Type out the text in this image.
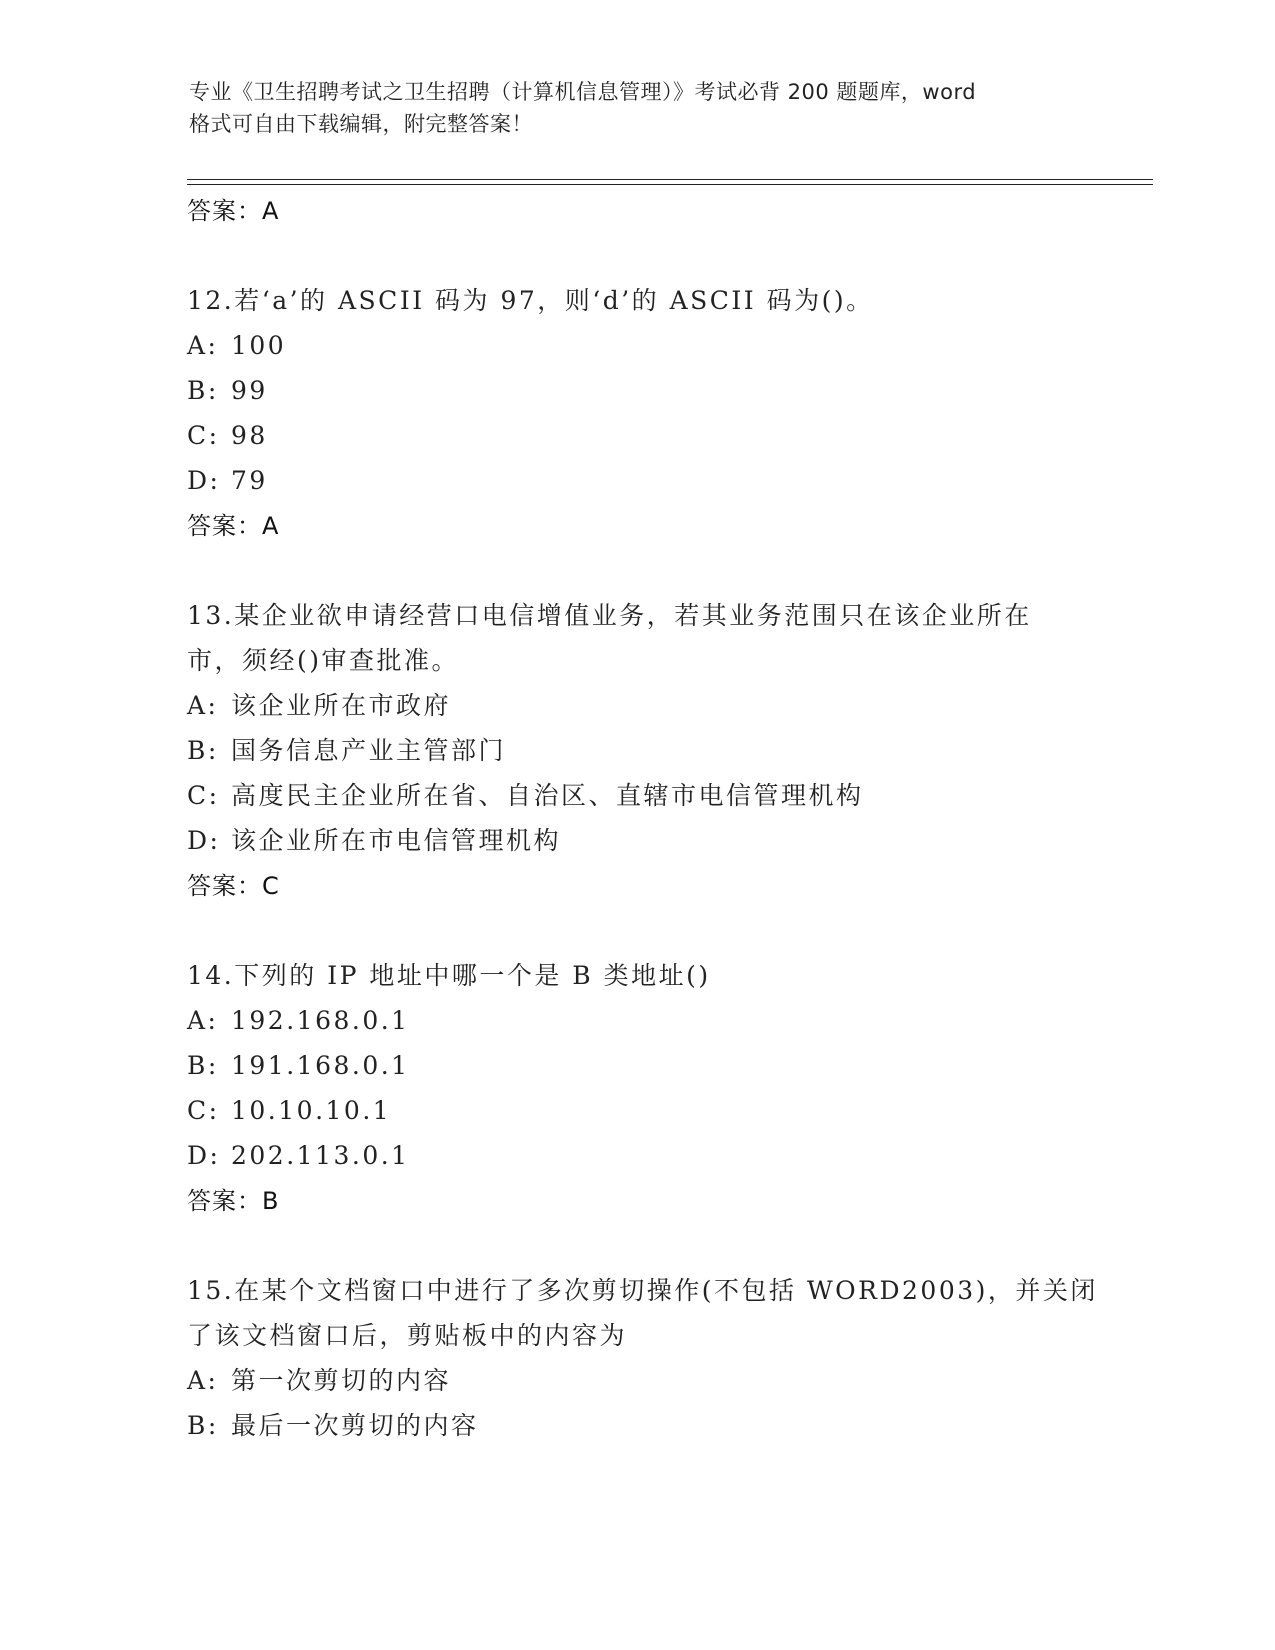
专业《卫生招聘考试之卫生招聘（计算机信息管理）》考试必背 200 题题库，word
格式可自由下载编辑，附完整答案！
答案：A
12.若‘a’的 ASCII 码为 97，则‘d’的 ASCII 码为()。
A: 100
B: 99
C: 98
D: 79
答案：A
13.某企业欲申请经营口电信增值业务，若其业务范围只在该企业所在
市，须经()审查批准。
A: 该企业所在市政府
B: 国务信息产业主管部门
C: 高度民主企业所在省、自治区、直辖市电信管理机构
D: 该企业所在市电信管理机构
答案：C
14.下列的 IP 地址中哪一个是 B 类地址()
A: 192.168.0.1
B: 191.168.0.1
C: 10.10.10.1
D: 202.113.0.1
答案：B
15.在某个文档窗口中进行了多次剪切操作(不包括 WORD2003)，并关闭
了该文档窗口后，剪贴板中的内容为
A: 第一次剪切的内容
B: 最后一次剪切的内容
